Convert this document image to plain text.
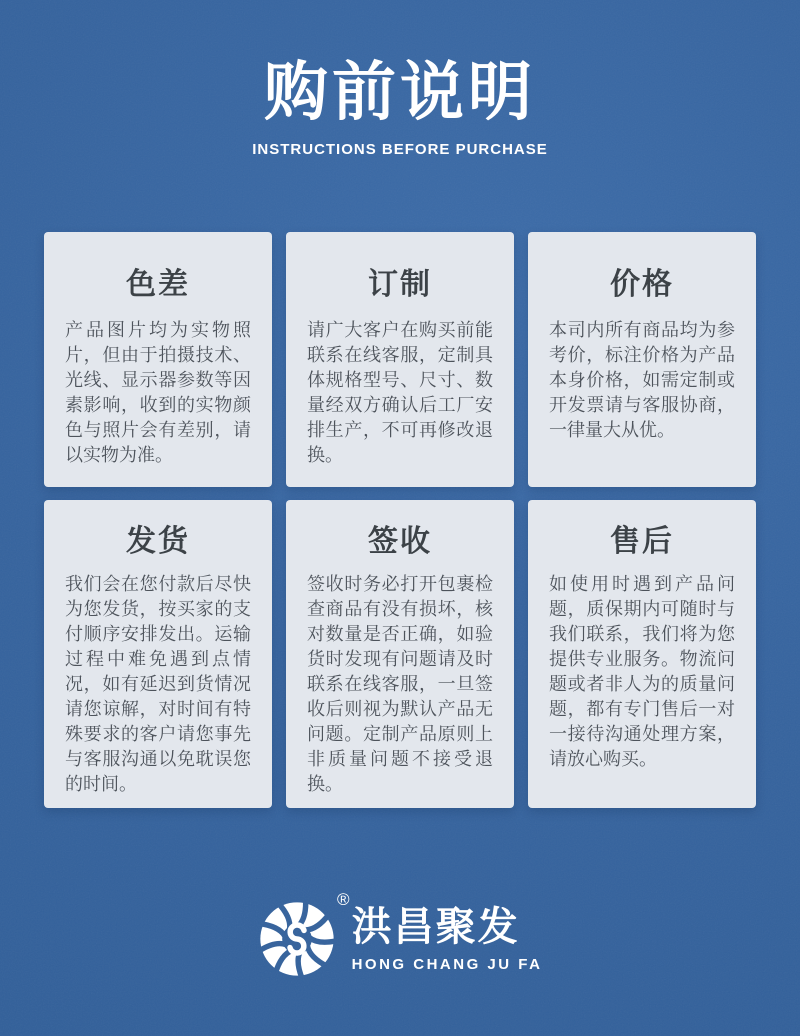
购前说明
INSTRUCTIONS BEFORE PURCHASE
色差

产品图片均为实物照片，但由于拍摄技术、光线、显示器参数等因素影响，收到的实物颜色与照片会有差别，请以实物为准。

订制

请广大客户在购买前能联系在线客服，定制具体规格型号、尺寸、数量经双方确认后工厂安排生产，不可再修改退换。

价格

本司内所有商品均为参考价，标注价格为产品本身价格，如需定制或开发票请与客服协商，一律量大从优。

发货

我们会在您付款后尽快为您发货，按买家的支付顺序安排发出。运输过程中难免遇到点情况，如有延迟到货情况请您谅解，对时间有特殊要求的客户请您事先与客服沟通以免耽误您的时间。

签收

签收时务必打开包裹检查商品有没有损坏，核对数量是否正确，如验货时发现有问题请及时联系在线客服，一旦签收后则视为默认产品无问题。定制产品原则上非质量问题不接受退换。

售后

如使用时遇到产品问题，质保期内可随时与我们联系，我们将为您提供专业服务。物流问题或者非人为的质量问题，都有专门售后一对一接待沟通处理方案，请放心购买。

®
洪昌聚发
HONG CHANG JU FA
